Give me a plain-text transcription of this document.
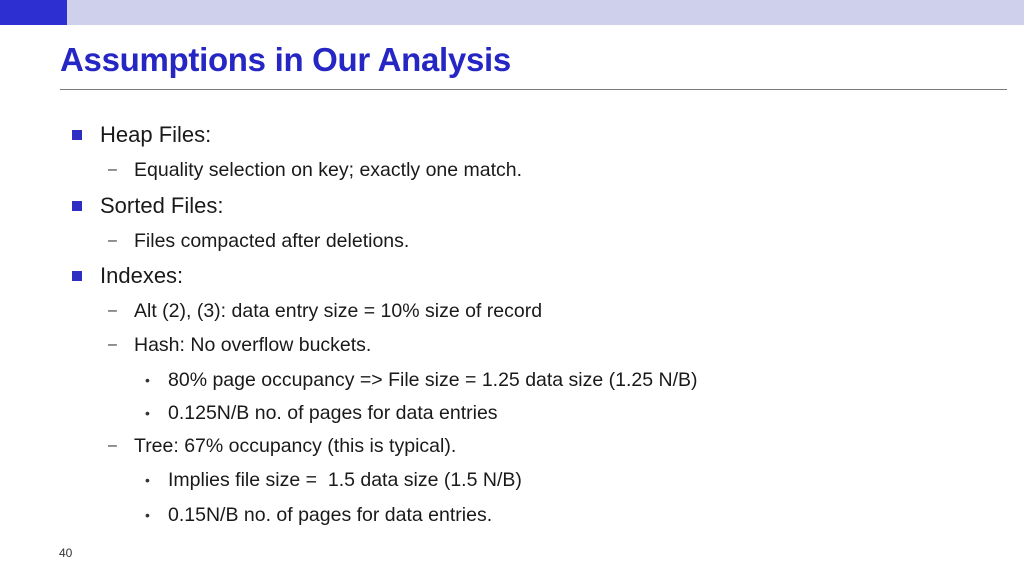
Assumptions in Our Analysis
Heap Files:
– Equality selection on key; exactly one match.
Sorted Files:
– Files compacted after deletions.
Indexes:
– Alt (2), (3): data entry size = 10% size of record
– Hash: No overflow buckets.
• 80% page occupancy => File size = 1.25 data size (1.25 N/B)
• 0.125N/B no. of pages for data entries
– Tree: 67% occupancy (this is typical).
• Implies file size =  1.5 data size (1.5 N/B)
• 0.15N/B no. of pages for data entries.
40
